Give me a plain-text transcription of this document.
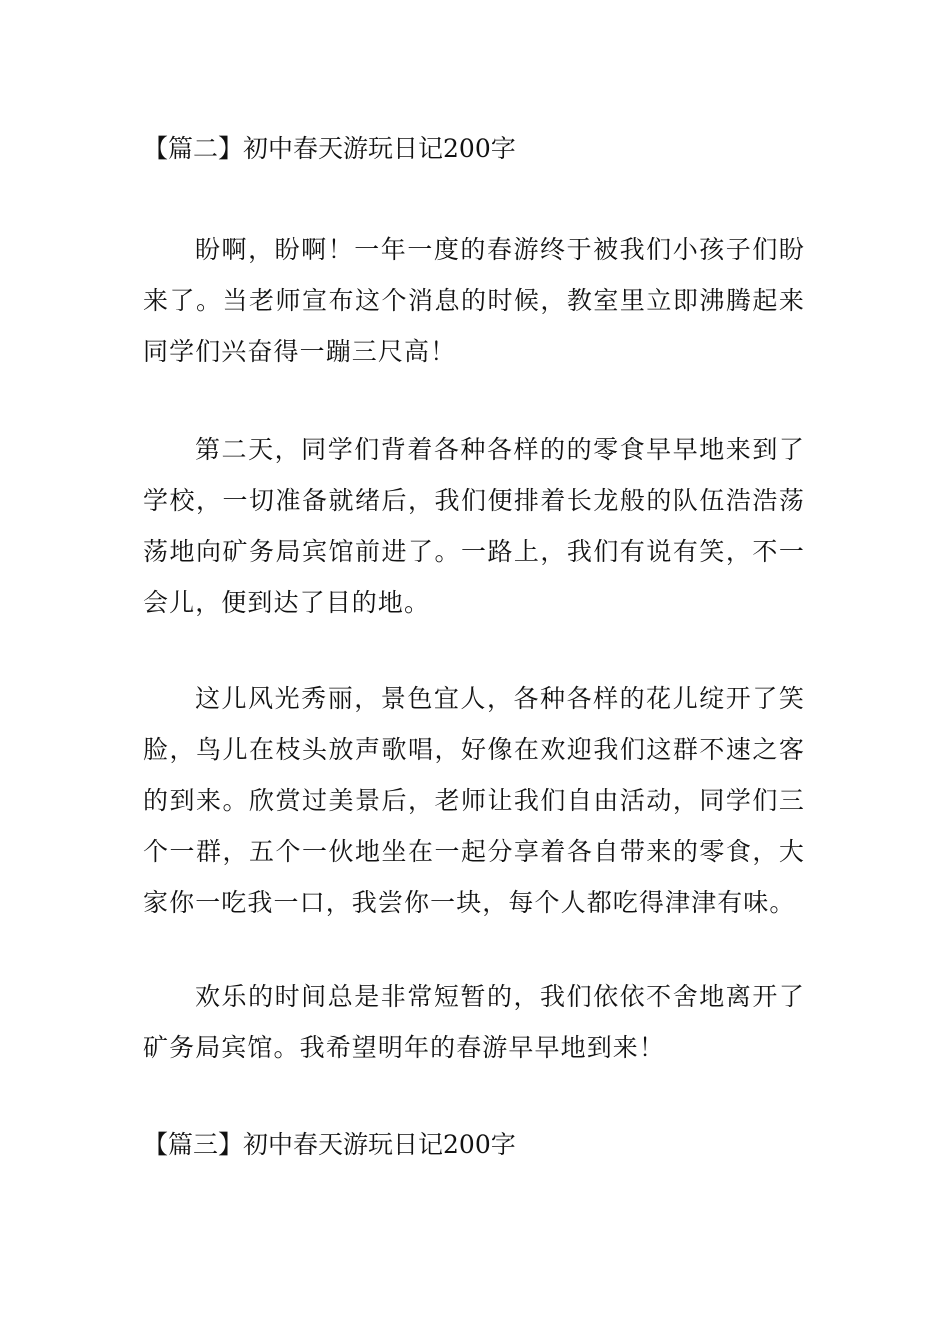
【篇二】初中春天游玩日记200字
盼啊，盼啊！一年一度的春游终于被我们小孩子们盼来了。当老师宣布这个消息的时候，教室里立即沸腾起来同学们兴奋得一蹦三尺高！
第二天，同学们背着各种各样的的零食早早地来到了学校，一切准备就绪后，我们便排着长龙般的队伍浩浩荡荡地向矿务局宾馆前进了。一路上，我们有说有笑，不一会儿，便到达了目的地。
这儿风光秀丽，景色宜人，各种各样的花儿绽开了笑脸，鸟儿在枝头放声歌唱，好像在欢迎我们这群不速之客的到来。欣赏过美景后，老师让我们自由活动，同学们三个一群，五个一伙地坐在一起分享着各自带来的零食，大家你一吃我一口，我尝你一块，每个人都吃得津津有味。
欢乐的时间总是非常短暂的，我们依依不舍地离开了矿务局宾馆。我希望明年的春游早早地到来！
【篇三】初中春天游玩日记200字
